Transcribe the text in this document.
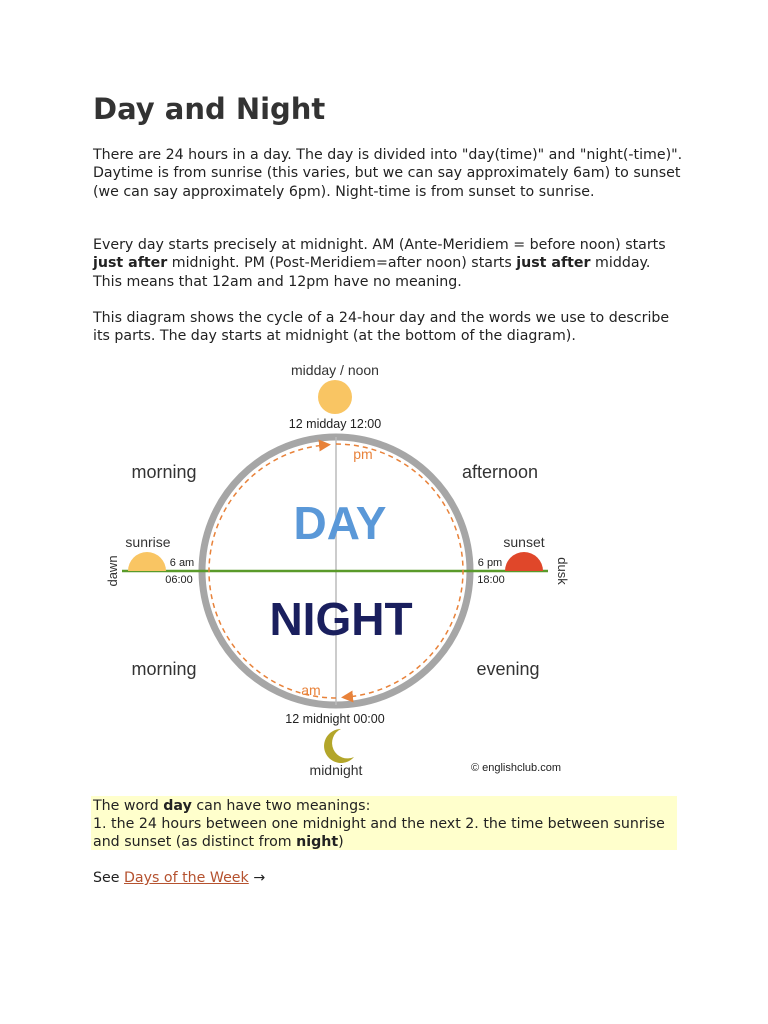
Day and Night

There are 24 hours in a day. The day is divided into "day(time)" and "night(-time)". Daytime is from sunrise (this varies, but we can say approximately 6am) to sunset (we can say approximately 6pm). Night-time is from sunset to sunrise.

Every day starts precisely at midnight. AM (Ante-Meridiem = before noon) starts just after midnight. PM (Post-Meridiem=after noon) starts just after midday. This means that 12am and 12pm have no meaning.

This diagram shows the cycle of a 24-hour day and the words we use to describe its parts. The day starts at midnight (at the bottom of the diagram).

midday / noon
12 midday 12:00
pm
am
DAY
NIGHT
morning	afternoon
morning	evening
sunrise
6 am
06:00
dawn
sunset
6 pm
18:00	dusk
12 midnight 00:00
midnight	© englishclub.com
The word day can have two meanings:
1. the 24 hours between one midnight and the next 2. the time between sunrise and sunset (as distinct from night)
See Days of the Week →
